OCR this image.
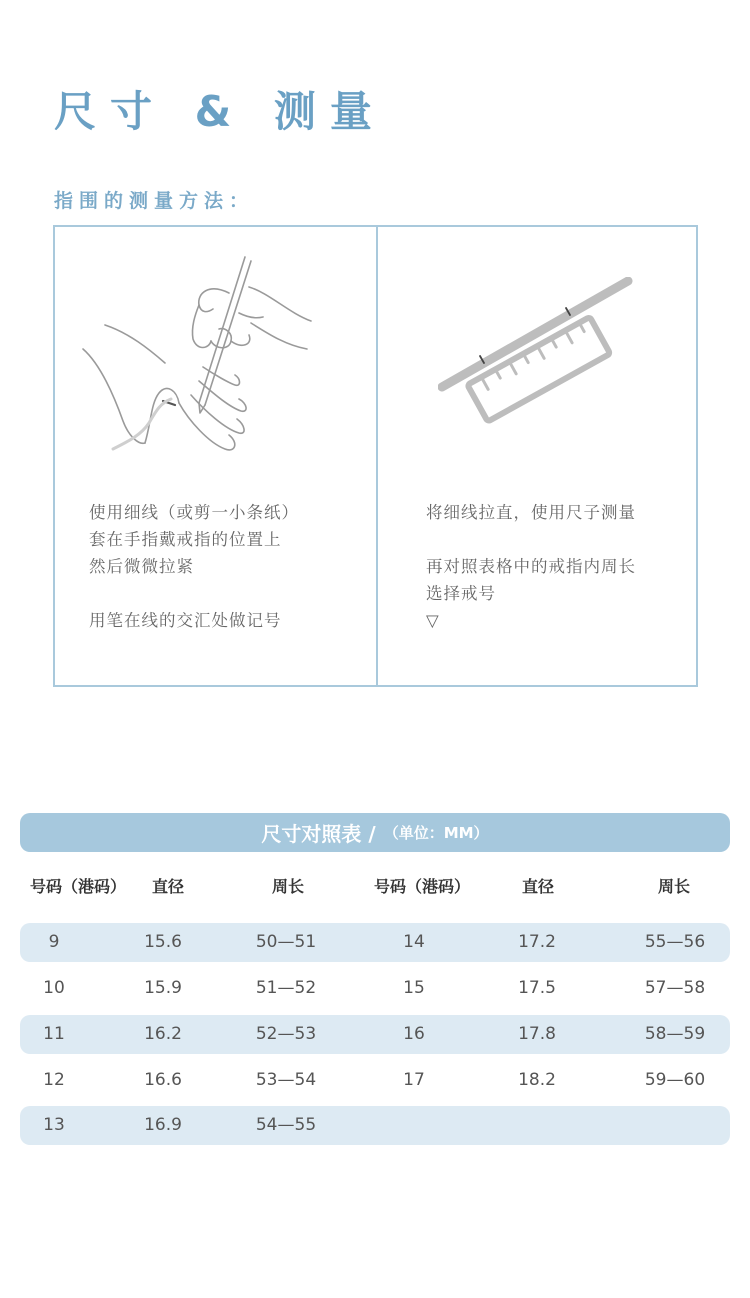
尺寸 & 测量
指围的测量方法：
使用细线（或剪一小条纸）
套在手指戴戒指的位置上
然后微微拉紧
用笔在线的交汇处做记号
将细线拉直，使用尺子测量
再对照表格中的戒指内周长
选择戒号
▽
尺寸对照表 / （单位：MM）
号码（港码） 直径	周长	号码（港码）	直径	周长
9	15.6	50—51	14	17.2	55—56
10	15.9	51—52	15	17.5	57—58
11	16.2	52—53	16	17.8	58—59
12	16.6	53—54	17	18.2	59—60
13	16.9	54—55
